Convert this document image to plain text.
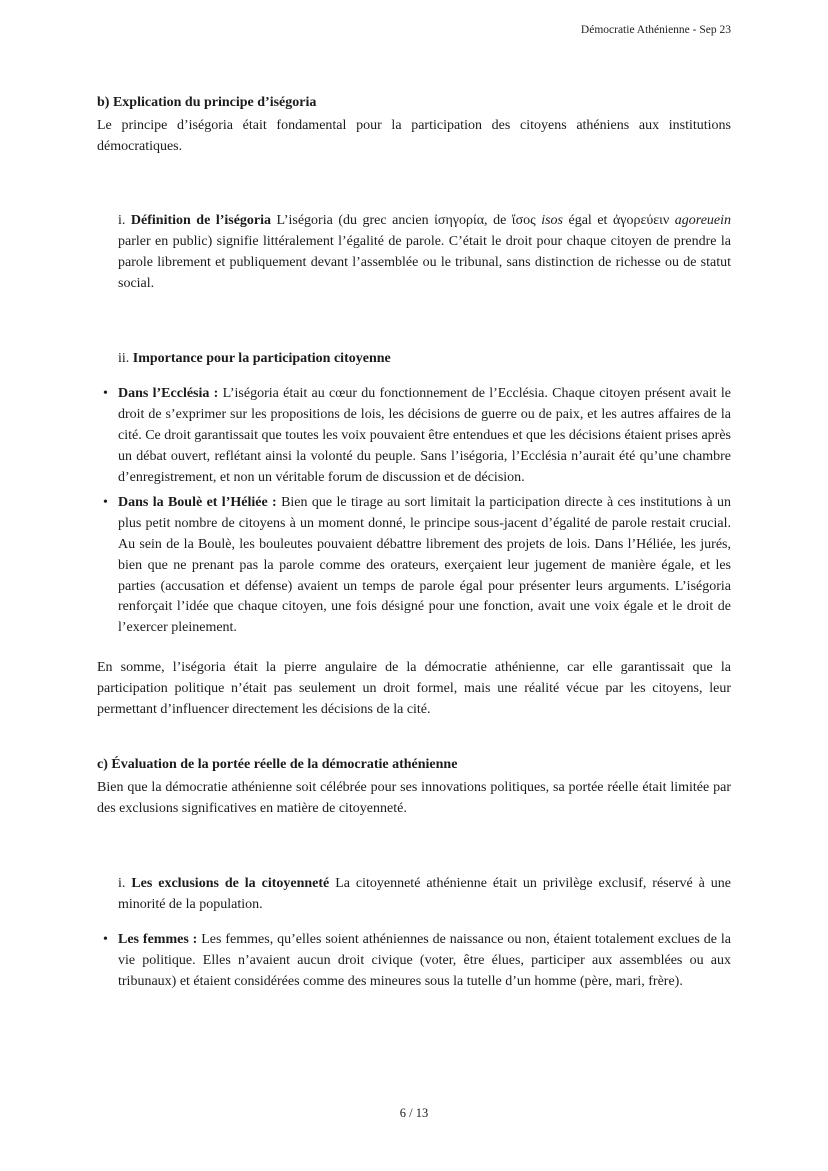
Démocratie Athénienne - Sep 23
b) Explication du principe d’iségoria
Le principe d’iségoria était fondamental pour la participation des citoyens athéniens aux institutions démocratiques.
i. Définition de l’iségoria L’iségoria (du grec ancien ἰσηγορία, de ἴσος isos égal et ἀγορεύειν agoreuein parler en public) signifie littéralement l’égalité de parole. C’était le droit pour chaque citoyen de prendre la parole librement et publiquement devant l’assemblée ou le tribunal, sans distinction de richesse ou de statut social.
ii. Importance pour la participation citoyenne
• Dans l’Ecclésia : L’iségoria était au cœur du fonctionnement de l’Ecclésia. Chaque citoyen présent avait le droit de s’exprimer sur les propositions de lois, les décisions de guerre ou de paix, et les autres affaires de la cité. Ce droit garantissait que toutes les voix pouvaient être entendues et que les décisions étaient prises après un débat ouvert, reflétant ainsi la volonté du peuple. Sans l’iségoria, l’Ecclésia n’aurait été qu’une chambre d’enregistrement, et non un véritable forum de discussion et de décision.
• Dans la Boulè et l’Héliée : Bien que le tirage au sort limitait la participation directe à ces institutions à un plus petit nombre de citoyens à un moment donné, le principe sous-jacent d’égalité de parole restait crucial. Au sein de la Boulè, les bouleutes pouvaient débattre librement des projets de lois. Dans l’Héliée, les jurés, bien que ne prenant pas la parole comme des orateurs, exerçaient leur jugement de manière égale, et les parties (accusation et défense) avaient un temps de parole égal pour présenter leurs arguments. L’iségoria renforçait l’idée que chaque citoyen, une fois désigné pour une fonction, avait une voix égale et le droit de l’exercer pleinement.
En somme, l’iségoria était la pierre angulaire de la démocratie athénienne, car elle garantissait que la participation politique n’était pas seulement un droit formel, mais une réalité vécue par les citoyens, leur permettant d’influencer directement les décisions de la cité.
c) Évaluation de la portée réelle de la démocratie athénienne
Bien que la démocratie athénienne soit célébrée pour ses innovations politiques, sa portée réelle était limitée par des exclusions significatives en matière de citoyenneté.
i. Les exclusions de la citoyenneté La citoyenneté athénienne était un privilège exclusif, réservé à une minorité de la population.
• Les femmes : Les femmes, qu’elles soient athéniennes de naissance ou non, étaient totalement exclues de la vie politique. Elles n’avaient aucun droit civique (voter, être élues, participer aux assemblées ou aux tribunaux) et étaient considérées comme des mineures sous la tutelle d’un homme (père, mari, frère).
6 / 13
